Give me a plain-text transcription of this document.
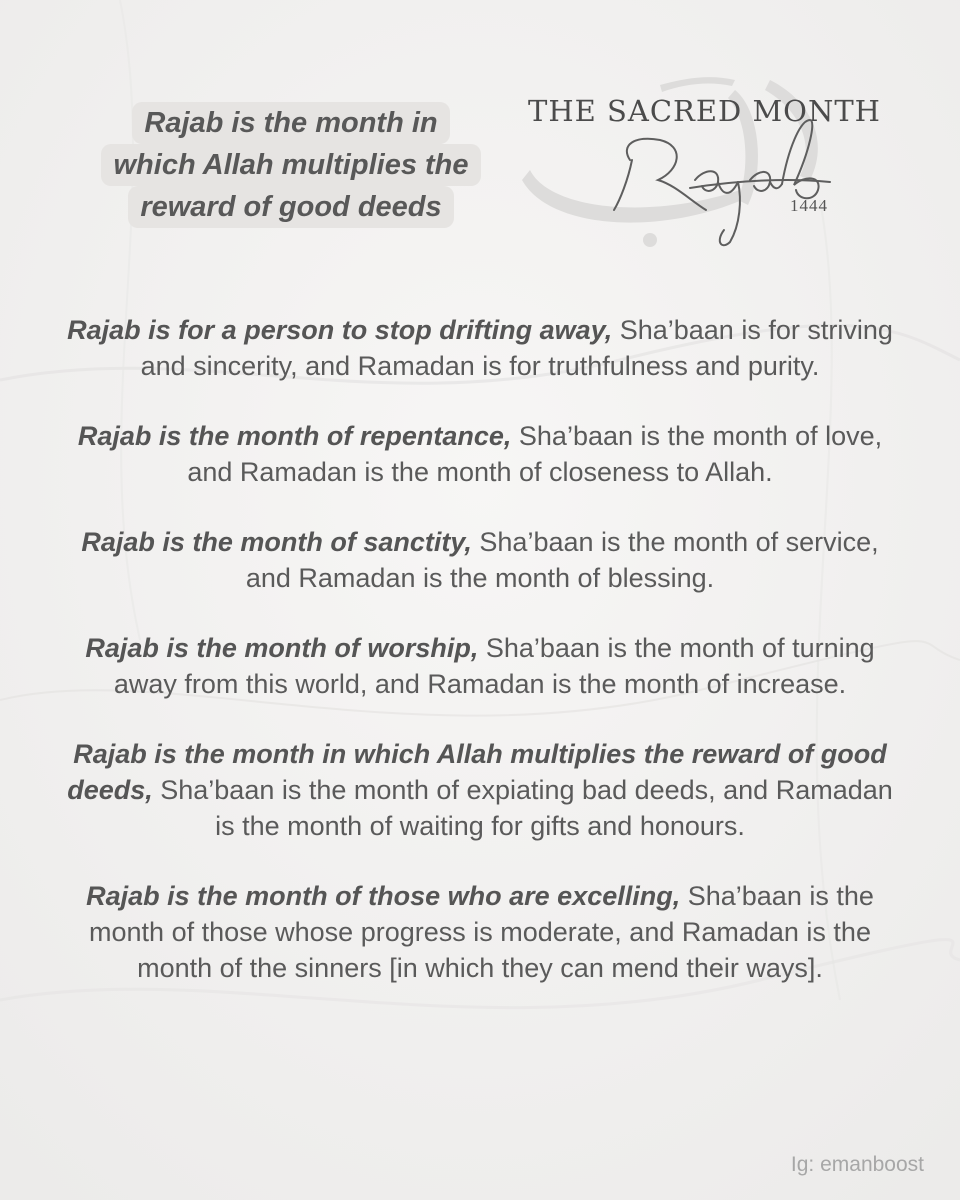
Rajab is the month in
which Allah multiplies the
reward of good deeds
THE SACRED MONTH
1444

Rajab is for a person to stop drifting away, Sha’baan is for striving and sincerity, and Ramadan is for truthfulness and purity.

Rajab is the month of repentance, Sha’baan is the month of love, and Ramadan is the month of closeness to Allah.

Rajab is the month of sanctity, Sha’baan is the month of service, and Ramadan is the month of blessing.

Rajab is the month of worship, Sha’baan is the month of turning away from this world, and Ramadan is the month of increase.

Rajab is the month in which Allah multiplies the reward of good deeds, Sha’baan is the month of expiating bad deeds, and Ramadan is the month of waiting for gifts and honours.

Rajab is the month of those who are excelling, Sha’baan is the month of those whose progress is moderate, and Ramadan is the month of the sinners [in which they can mend their ways].

Ig: emanboost
